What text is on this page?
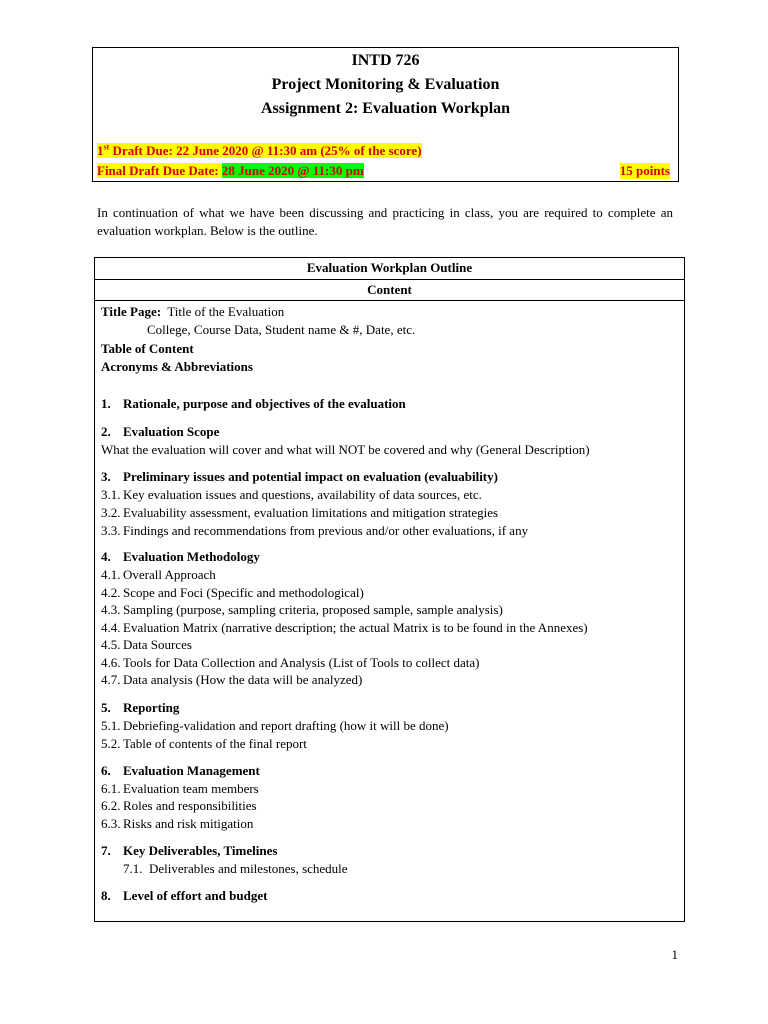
INTD 726
Project Monitoring & Evaluation
Assignment 2: Evaluation Workplan
1st Draft Due: 22 June 2020 @ 11:30 am (25% of the score)
Final Draft Due Date: 28 June 2020 @ 11:30 pm	15 points
In continuation of what we have been discussing and practicing in class, you are required to complete an evaluation workplan. Below is the outline.
Evaluation Workplan Outline
Content
Title Page: Title of the Evaluation
College, Course Data, Student name & #, Date, etc.
Table of Content
Acronyms & Abbreviations
1. Rationale, purpose and objectives of the evaluation
2. Evaluation Scope
What the evaluation will cover and what will NOT be covered and why (General Description)
3. Preliminary issues and potential impact on evaluation (evaluability)
3.1. Key evaluation issues and questions, availability of data sources, etc.
3.2. Evaluability assessment, evaluation limitations and mitigation strategies
3.3. Findings and recommendations from previous and/or other evaluations, if any
4. Evaluation Methodology
4.1. Overall Approach
4.2. Scope and Foci (Specific and methodological)
4.3. Sampling (purpose, sampling criteria, proposed sample, sample analysis)
4.4. Evaluation Matrix (narrative description; the actual Matrix is to be found in the Annexes)
4.5. Data Sources
4.6. Tools for Data Collection and Analysis (List of Tools to collect data)
4.7. Data analysis (How the data will be analyzed)
5. Reporting
5.1. Debriefing-validation and report drafting (how it will be done)
5.2. Table of contents of the final report
6. Evaluation Management
6.1. Evaluation team members
6.2. Roles and responsibilities
6.3. Risks and risk mitigation
7. Key Deliverables, Timelines
7.1. Deliverables and milestones, schedule
8. Level of effort and budget
1
